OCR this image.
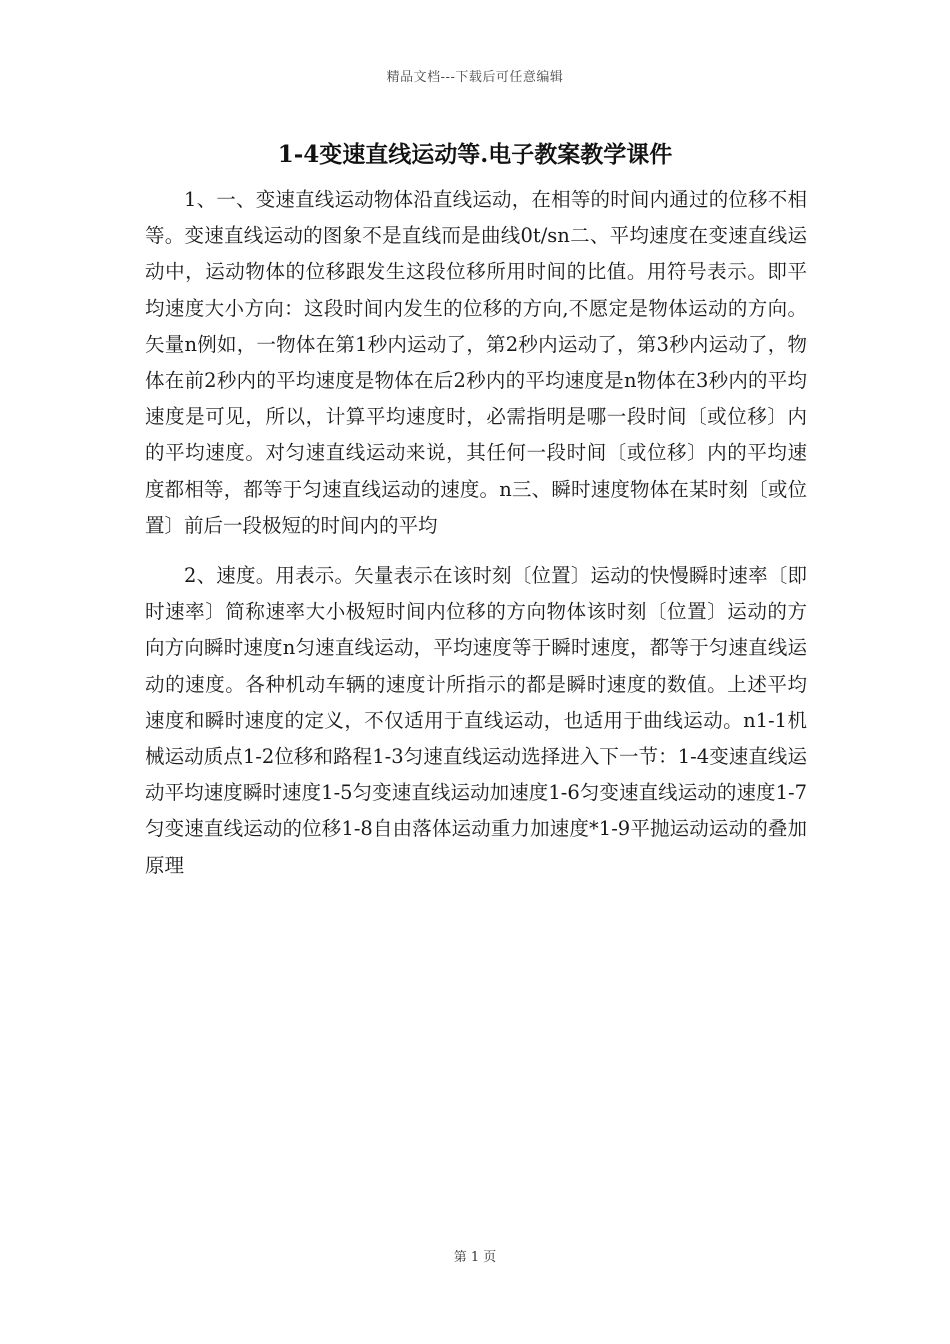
精品文档---下载后可任意编辑
1-4变速直线运动等.电子教案教学课件

1、一、变速直线运动物体沿直线运动，在相等的时间内通过的位移不相等。变速直线运动的图象不是直线而是曲线0t/sn二、平均速度在变速直线运动中，运动物体的位移跟发生这段位移所用时间的比值。用符号表示。即平均速度大小方向：这段时间内发生的位移的方向,不愿定是物体运动的方向。矢量n例如，一物体在第1秒内运动了，第2秒内运动了，第3秒内运动了，物体在前2秒内的平均速度是物体在后2秒内的平均速度是n物体在3秒内的平均速度是可见，所以，计算平均速度时，必需指明是哪一段时间〔或位移〕内的平均速度。对匀速直线运动来说，其任何一段时间〔或位移〕内的平均速度都相等，都等于匀速直线运动的速度。n三、瞬时速度物体在某时刻〔或位置〕前后一段极短的时间内的平均

2、速度。用表示。矢量表示在该时刻〔位置〕运动的快慢瞬时速率〔即时速率〕简称速率大小极短时间内位移的方向物体该时刻〔位置〕运动的方向方向瞬时速度n匀速直线运动，平均速度等于瞬时速度，都等于匀速直线运动的速度。各种机动车辆的速度计所指示的都是瞬时速度的数值。上述平均速度和瞬时速度的定义，不仅适用于直线运动，也适用于曲线运动。n1-1机械运动质点1-2位移和路程1-3匀速直线运动选择进入下一节：1-4变速直线运动平均速度瞬时速度1-5匀变速直线运动加速度1-6匀变速直线运动的速度1-7匀变速直线运动的位移1-8自由落体运动重力加速度*1-9平抛运动运动的叠加原理

第 1 页
